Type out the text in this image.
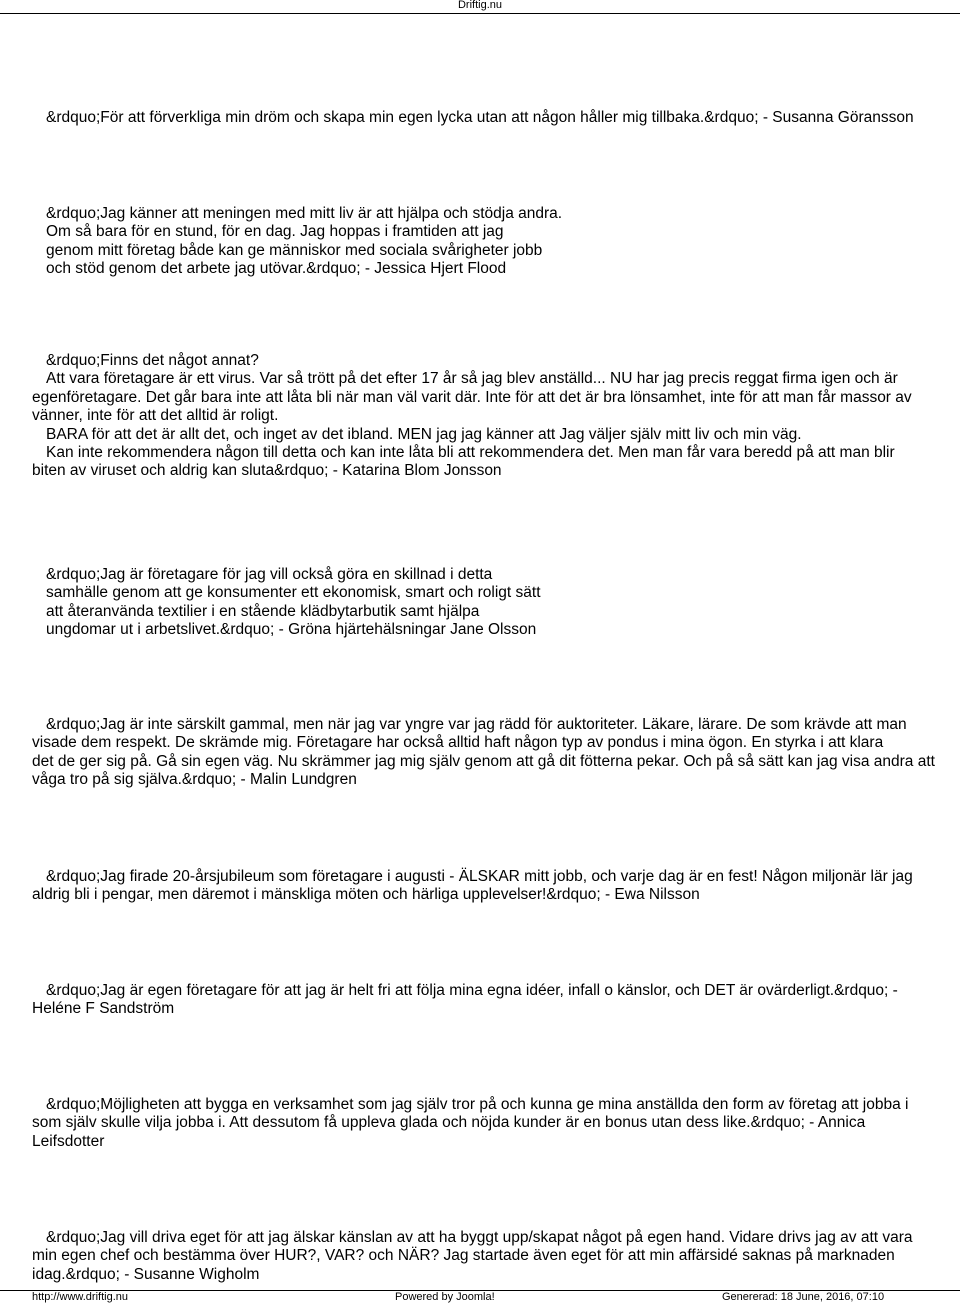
Driftig.nu

&rdquo;För att förverkliga min dröm och skapa min egen lycka utan att någon håller mig tillbaka.&rdquo; - Susanna Göransson

&rdquo;Jag känner att meningen med mitt liv är att hjälpa och stödja andra.
Om så bara för en stund, för en dag. Jag hoppas i framtiden att jag
genom mitt företag både kan ge människor med sociala svårigheter jobb
och stöd genom det arbete jag utövar.&rdquo; - Jessica Hjert Flood

&rdquo;Finns det något annat?
Att vara företagare är ett virus. Var så trött på det efter 17 år så jag blev anställd... NU har jag precis reggat firma igen och är
egenföretagare. Det går bara inte att låta bli när man väl varit där. Inte för att det är bra lönsamhet, inte för att man får massor av
vänner, inte för att det alltid är roligt.
BARA för att det är allt det, och inget av det ibland. MEN jag jag känner att Jag väljer själv mitt liv och min väg.
Kan inte rekommendera någon till detta och kan inte låta bli att rekommendera det. Men man får vara beredd på att man blir
biten av viruset och aldrig kan sluta&rdquo; - Katarina Blom Jonsson

&rdquo;Jag är företagare för jag vill också göra en skillnad i detta
samhälle genom att ge konsumenter ett ekonomisk, smart och roligt sätt
att återanvända textilier i en stående klädbytarbutik samt hjälpa
ungdomar ut i arbetslivet.&rdquo; - Gröna hjärtehälsningar Jane Olsson

&rdquo;Jag är inte särskilt gammal, men när jag var yngre var jag rädd för auktoriteter. Läkare, lärare. De som krävde att man
visade dem respekt. De skrämde mig. Företagare har också alltid haft någon typ av pondus i mina ögon. En styrka i att klara
det de ger sig på. Gå sin egen väg. Nu skrämmer jag mig själv genom att gå dit fötterna pekar. Och på så sätt kan jag visa andra att
våga tro på sig själva.&rdquo; - Malin Lundgren

&rdquo;Jag firade 20-årsjubileum som företagare i augusti - ÄLSKAR mitt jobb, och varje dag är en fest! Någon miljonär lär jag
aldrig bli i pengar, men däremot i mänskliga möten och härliga upplevelser!&rdquo; - Ewa Nilsson

&rdquo;Jag är egen företagare för att jag är helt fri att följa mina egna idéer, infall o känslor, och DET är ovärderligt.&rdquo; -
Heléne F Sandström

&rdquo;Möjligheten att bygga en verksamhet som jag själv tror på och kunna ge mina anställda den form av företag att jobba i
som själv skulle vilja jobba i. Att dessutom få uppleva glada och nöjda kunder är en bonus utan dess like.&rdquo; - Annica
Leifsdotter

&rdquo;Jag vill driva eget för att jag älskar känslan av att ha byggt upp/skapat något på egen hand. Vidare drivs jag av att vara
min egen chef och bestämma över HUR?, VAR? och NÄR? Jag startade även eget för att min affärsidé saknas på marknaden
idag.&rdquo; - Susanne Wigholm

http://www.driftig.nu	Powered by Joomla!	Genererad: 18 June, 2016, 07:10
